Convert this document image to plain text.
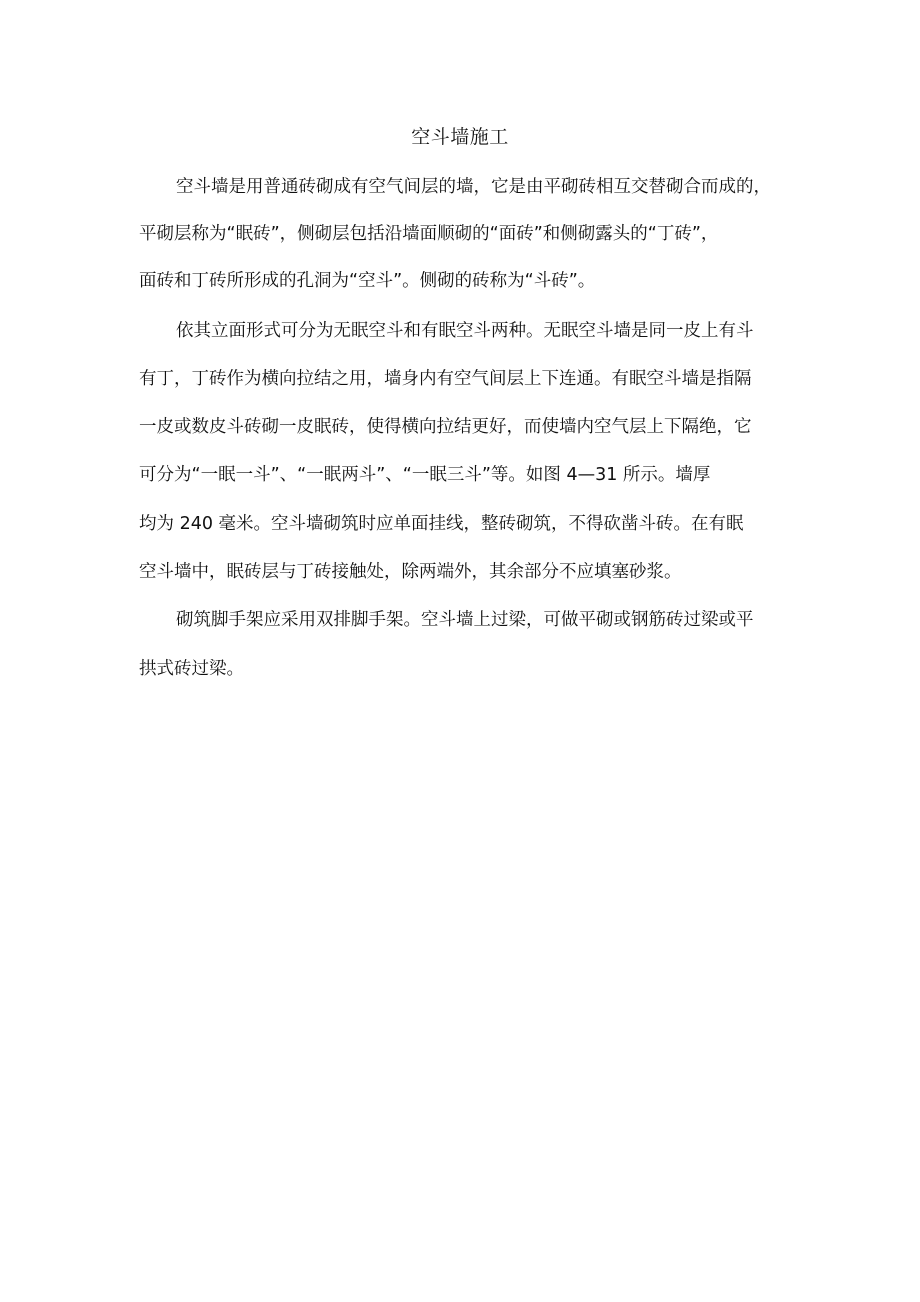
空斗墙施工
空斗墙是用普通砖砌成有空气间层的墙，它是由平砌砖相互交替砌合而成的，
平砌层称为“眠砖”，侧砌层包括沿墙面顺砌的“面砖”和侧砌露头的“丁砖”，
面砖和丁砖所形成的孔洞为“空斗”。侧砌的砖称为“斗砖”。
依其立面形式可分为无眠空斗和有眠空斗两种。无眠空斗墙是同一皮上有斗
有丁，丁砖作为横向拉结之用，墙身内有空气间层上下连通。有眠空斗墙是指隔
一皮或数皮斗砖砌一皮眠砖，使得横向拉结更好，而使墙内空气层上下隔绝，它
可分为“一眠一斗”、“一眠两斗”、“一眠三斗”等。如图 4—31 所示。墙厚
均为 240 毫米。空斗墙砌筑时应单面挂线，整砖砌筑，不得砍凿斗砖。在有眠
空斗墙中，眠砖层与丁砖接触处，除两端外，其余部分不应填塞砂浆。
砌筑脚手架应采用双排脚手架。空斗墙上过梁，可做平砌或钢筋砖过梁或平
拱式砖过梁。
